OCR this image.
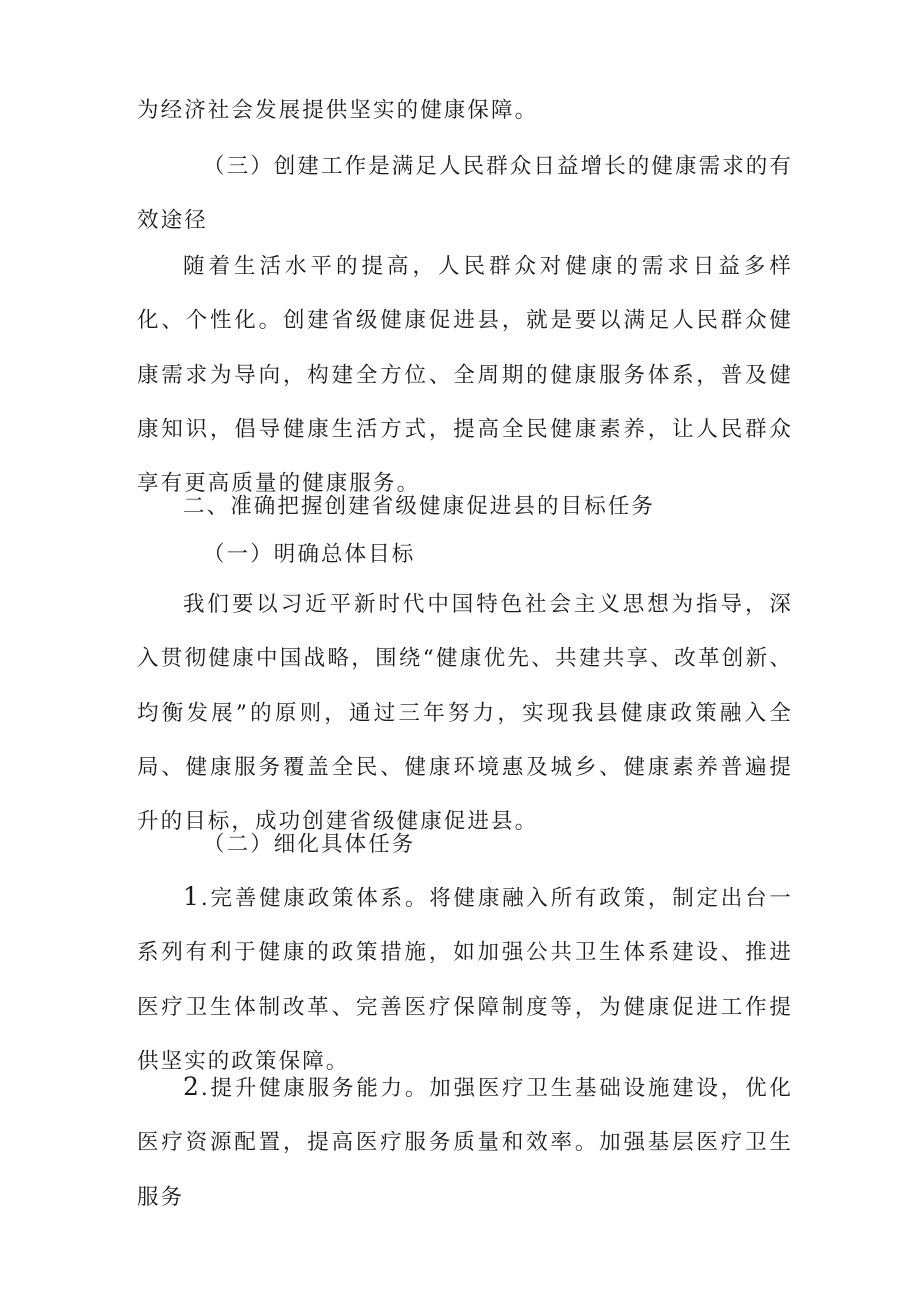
为经济社会发展提供坚实的健康保障。

（三）创建工作是满足人民群众日益增长的健康需求的有效途径

随着生活水平的提高，人民群众对健康的需求日益多样化、个性化。创建省级健康促进县，就是要以满足人民群众健康需求为导向，构建全方位、全周期的健康服务体系，普及健康知识，倡导健康生活方式，提高全民健康素养，让人民群众享有更高质量的健康服务。

二、准确把握创建省级健康促进县的目标任务

（一）明确总体目标

我们要以习近平新时代中国特色社会主义思想为指导，深入贯彻健康中国战略，围绕“健康优先、共建共享、改革创新、均衡发展”的原则，通过三年努力，实现我县健康政策融入全局、健康服务覆盖全民、健康环境惠及城乡、健康素养普遍提升的目标，成功创建省级健康促进县。

（二）细化具体任务

1.完善健康政策体系。将健康融入所有政策，制定出台一系列有利于健康的政策措施，如加强公共卫生体系建设、推进医疗卫生体制改革、完善医疗保障制度等，为健康促进工作提供坚实的政策保障。

2.提升健康服务能力。加强医疗卫生基础设施建设，优化医疗资源配置，提高医疗服务质量和效率。加强基层医疗卫生服务
